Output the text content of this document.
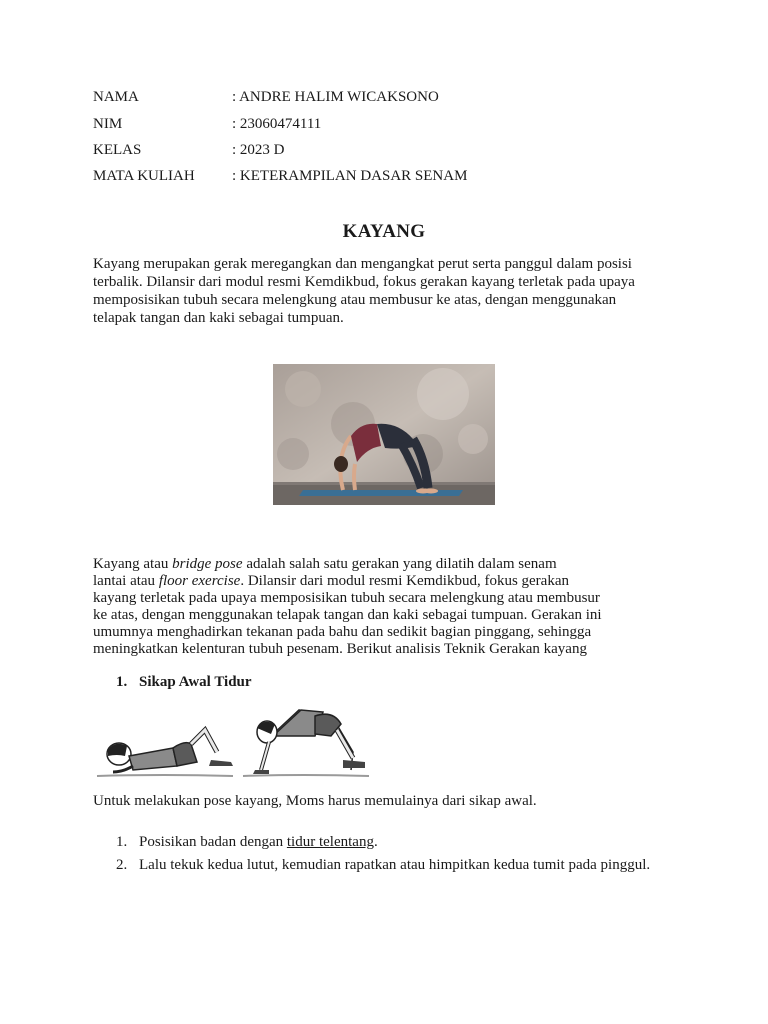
NAMA	: ANDRE HALIM WICAKSONO
NIM	: 23060474111
KELAS	: 2023 D
MATA KULIAH : KETERAMPILAN DASAR SENAM
KAYANG
Kayang merupakan gerak meregangkan dan mengangkat perut serta panggul dalam posisi
terbalik. Dilansir dari modul resmi Kemdikbud, fokus gerakan kayang terletak pada upaya
memposisikan tubuh secara melengkung atau membusur ke atas, dengan menggunakan
telapak tangan dan kaki sebagai tumpuan.
Kayang atau bridge pose adalah salah satu gerakan yang dilatih dalam senam
lantai atau floor exercise. Dilansir dari modul resmi Kemdikbud, fokus gerakan
kayang terletak pada upaya memposisikan tubuh secara melengkung atau membusur
ke atas, dengan menggunakan telapak tangan dan kaki sebagai tumpuan. Gerakan ini
umumnya menghadirkan tekanan pada bahu dan sedikit bagian pinggang, sehingga
meningkatkan kelenturan tubuh pesenam. Berikut analisis Teknik Gerakan kayang
1. Sikap Awal Tidur
Untuk melakukan pose kayang, Moms harus memulainya dari sikap awal.
1. Posisikan badan dengan tidur telentang.
2. Lalu tekuk kedua lutut, kemudian rapatkan atau himpitkan kedua tumit pada pinggul.
